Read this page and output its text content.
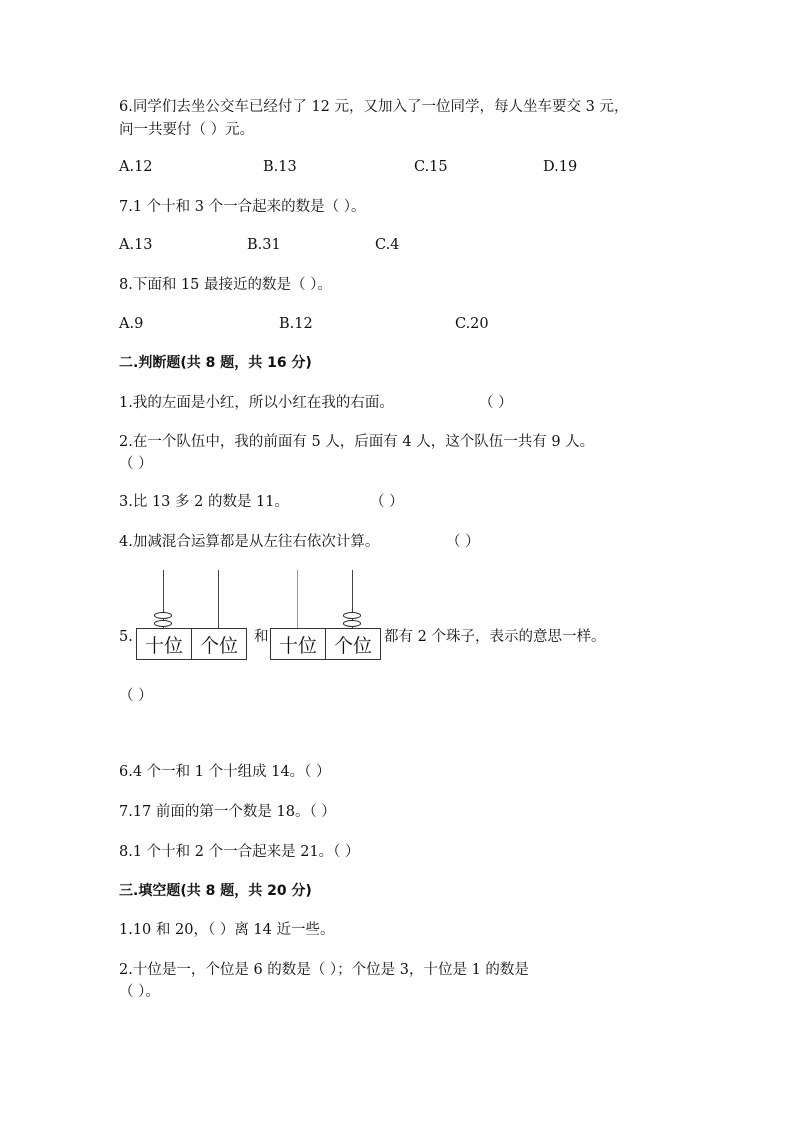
6.同学们去坐公交车已经付了 12 元，又加入了一位同学，每人坐车要交 3 元，
问一共要付（ ）元。
A.12	B.13	C.15	D.19
7.1 个十和 3 个一合起来的数是（ ）。
A.13	B.31	C.4
8.下面和 15 最接近的数是（ ）。
A.9	B.12	C.20
二.判断题(共 8 题，共 16 分)
1.我的左面是小红，所以小红在我的右面。	（ ）
2.在一个队伍中，我的前面有 5 人，后面有 4 人，这个队伍一共有 9 人。
（ ）
3.比 13 多 2 的数是 11。	（ ）
4.加减混合运算都是从左往右依次计算。	（ ）
5. 十位 个位	和 十位 个位 都有 2 个珠子，表示的意思一样。
（ ）
6.4 个一和 1 个十组成 14。（ ）
7.17 前面的第一个数是 18。（ ）
8.1 个十和 2 个一合起来是 21。（ ）
三.填空题(共 8 题，共 20 分)
1.10 和 20，（ ）离 14 近一些。
2.十位是一，个位是 6 的数是（ ）；个位是 3，十位是 1 的数是
（ ）。
